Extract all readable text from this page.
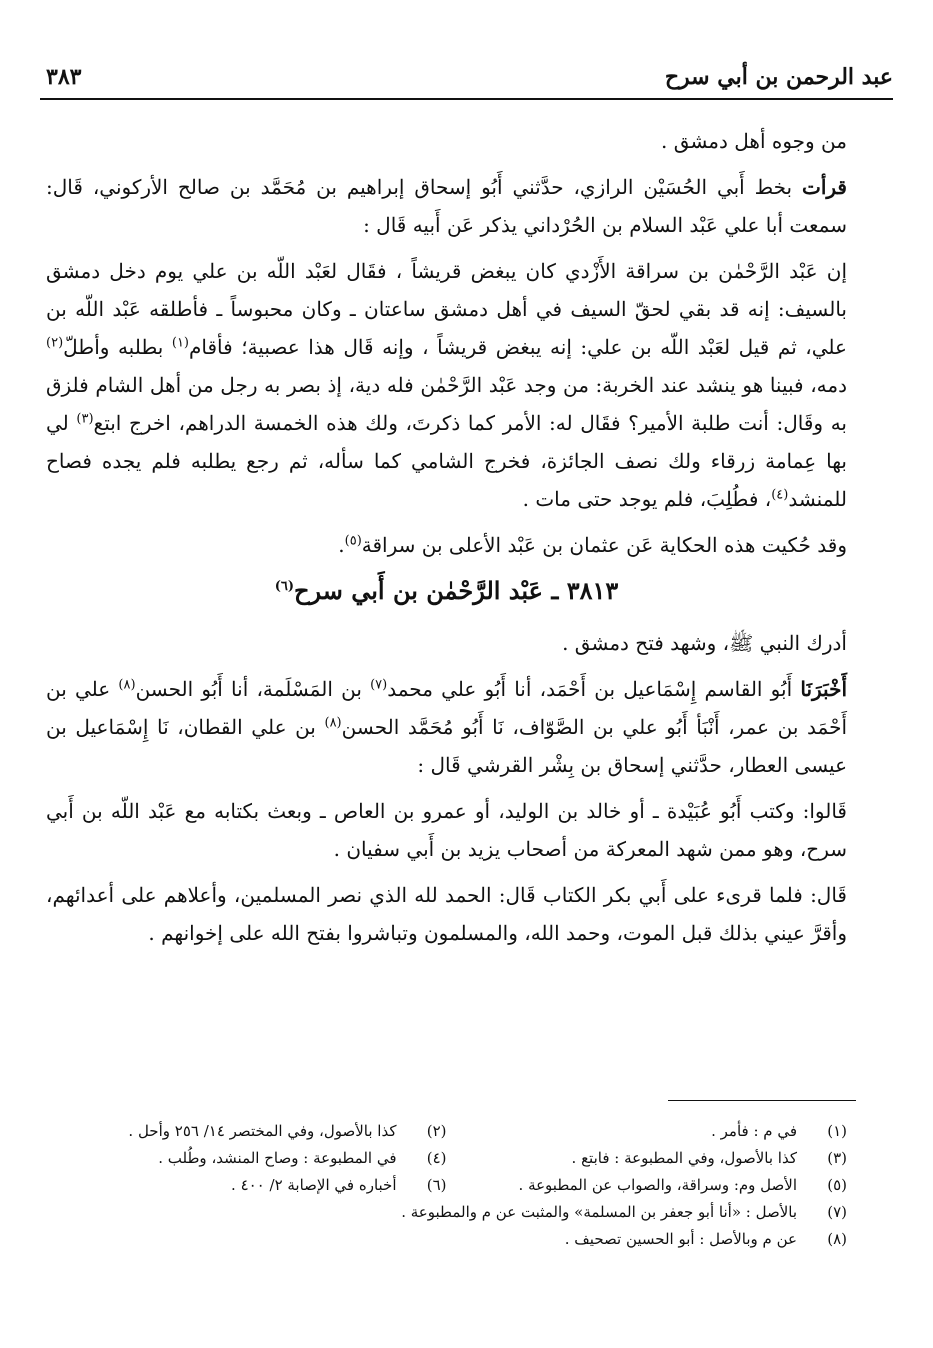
عبد الرحمن بن أبي سرح
٣٨٣

من وجوه أهل دمشق .

قرأت بخط أَبي الحُسَيْن الرازي، حدَّثني أَبُو إسحاق إبراهيم بن مُحَمَّد بن صالح الأركوني، قَال: سمعت أبا علي عَبْد السلام بن الحُرْداني يذكر عَن أَبيه قَال :

إن عَبْد الرَّحْمٰن بن سراقة الأَزْدي كان يبغض قريشاً ، فقَال لعَبْد اللّه بن علي يوم دخل دمشق بالسيف: إنه قد بقي لحقّ السيف في أهل دمشق ساعتان ـ وكان محبوساً ـ فأطلقه عَبْد اللّه بن علي، ثم قيل لعَبْد اللّه بن علي: إنه يبغض قريشاً ، وإنه قَال هذا عصبية؛ فأقام$^{(١)}$ بطلبه وأطلّ$^{(٢)}$ دمه، فبينا هو ينشد عند الخربة: من وجد عَبْد الرَّحْمٰن فله دية، إذ بصر به رجل من أهل الشام فلزق به وقَال: أنت طلبة الأمير؟ فقَال له: الأمر كما ذكرتَ، ولك هذه الخمسة الدراهم، اخرج ابتع$^{(٣)}$ لي بها عِمامة زرقاء ولك نصف الجائزة، فخرج الشامي كما سأله، ثم رجع يطلبه فلم يجده فصاح للمنشد$^{(٤)}$، فطُلِبَ، فلم يوجد حتى مات .

وقد حُكيت هذه الحكاية عَن عثمان بن عَبْد الأعلى بن سراقة$^{(٥)}$.

٣٨١٣ ـ عَبْد الرَّحْمٰن بن أَبي سرح$^{(٦)}$

أدرك النبي ﷺ، وشهد فتح دمشق .

أَخْبَرَنَا أَبُو القاسم إِسْمَاعيل بن أَحْمَد، أنا أَبُو علي محمد$^{(٧)}$ بن المَسْلَمة، أنا أَبُو الحسن$^{(٨)}$ علي بن أَحْمَد بن عمر، أَنْبَأ أَبُو علي بن الصَّوّاف، نَا أَبُو مُحَمَّد الحسن$^{(٨)}$ بن علي القطان، نَا إِسْمَاعيل بن عيسى العطار، حدَّثني إسحاق بن بِشْر القرشي قَال :

قَالوا: وكتب أَبُو عُبَيْدة ـ أو خالد بن الوليد، أو عمرو بن العاص ـ وبعث بكتابه مع عَبْد اللّه بن أَبي سرح، وهو ممن شهد المعركة من أصحاب يزيد بن أَبي سفيان .

قَال: فلما قرىء على أَبي بكر الكتاب قَال: الحمد لله الذي نصر المسلمين، وأعلاهم على أعدائهم، وأقرَّ عيني بذلك قبل الموت، وحمد الله، والمسلمون وتباشروا بفتح الله على إخوانهم .

(١)
في م : فأمر .
(٢)
كذا بالأصول، وفي المختصر ١٤/ ٢٥٦ وأحل .
(٣)
كذا بالأصول، وفي المطبوعة : فابتع .
(٤)
في المطبوعة : وصاح المنشد، وطُلب .
(٥)
الأصل وم: وسراقة، والصواب عن المطبوعة .
(٦)
أخباره في الإصابة ٢/ ٤٠٠ .
(٧)
بالأصل : «أنا أبو جعفر بن المسلمة» والمثبت عن م والمطبوعة .
(٨)
عن م وبالأصل : أبو الحسين تصحيف .
